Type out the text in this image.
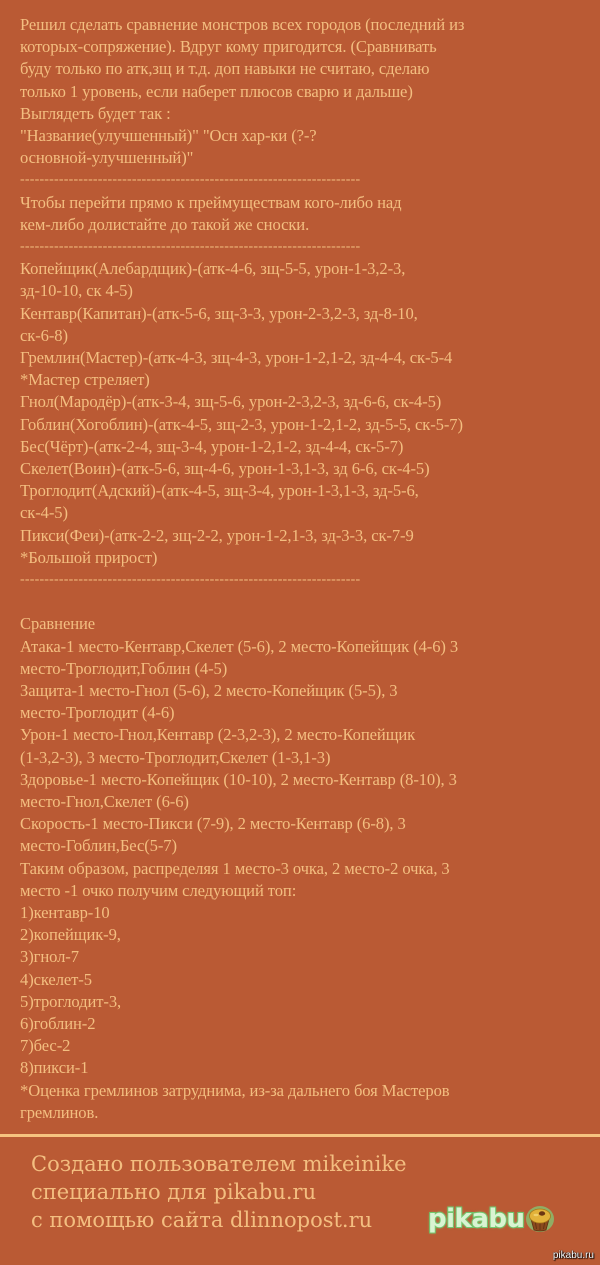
Решил сделать сравнение монстров всех городов (последний из
которых-сопряжение). Вдруг кому пригодится. (Сравнивать
буду только по атк,зщ и т.д. доп навыки не считаю, сделаю
только 1 уровень, если наберет плюсов сварю и дальше)
Выглядеть будет так :
"Название(улучшенный)" "Осн хар-ки (?-?
основной-улучшенный)"
----------------------------------------------------------------------
Чтобы перейти прямо к преймуществам кого-либо над
кем-либо долистайте до такой же сноски.
----------------------------------------------------------------------
Копейщик(Алебардщик)-(атк-4-6, зщ-5-5, урон-1-3,2-3,
зд-10-10, ск 4-5)
Кентавр(Капитан)-(атк-5-6, зщ-3-3, урон-2-3,2-3, зд-8-10,
ск-6-8)
Гремлин(Мастер)-(атк-4-3, зщ-4-3, урон-1-2,1-2, зд-4-4, ск-5-4
*Мастер стреляет)
Гнол(Мародёр)-(атк-3-4, зщ-5-6, урон-2-3,2-3, зд-6-6, ск-4-5)
Гоблин(Хогоблин)-(атк-4-5, зщ-2-3, урон-1-2,1-2, зд-5-5, ск-5-7)
Бес(Чёрт)-(атк-2-4, зщ-3-4, урон-1-2,1-2, зд-4-4, ск-5-7)
Скелет(Воин)-(атк-5-6, зщ-4-6, урон-1-3,1-3, зд 6-6, ск-4-5)
Троглодит(Адский)-(атк-4-5, зщ-3-4, урон-1-3,1-3, зд-5-6,
ск-4-5)
Пикси(Феи)-(атк-2-2, зщ-2-2, урон-1-2,1-3, зд-3-3, ск-7-9
*Большой прирост)
----------------------------------------------------------------------
Сравнение
Атака-1 место-Кентавр,Скелет (5-6), 2 место-Копейщик (4-6) 3
место-Троглодит,Гоблин (4-5)
Защита-1 место-Гнол (5-6), 2 место-Копейщик (5-5), 3
место-Троглодит (4-6)
Урон-1 место-Гнол,Кентавр (2-3,2-3), 2 место-Копейщик
(1-3,2-3), 3 место-Троглодит,Скелет (1-3,1-3)
Здоровье-1 место-Копейщик (10-10), 2 место-Кентавр (8-10), 3
место-Гнол,Скелет (6-6)
Скорость-1 место-Пикси (7-9), 2 место-Кентавр (6-8), 3
место-Гоблин,Бес(5-7)
Таким образом, распределяя 1 место-3 очка, 2 место-2 очка, 3
место -1 очко получим следующий топ:
1)кентавр-10
2)копейщик-9,
3)гнол-7
4)скелет-5
5)троглодит-3,
6)гоблин-2
7)бес-2
8)пикси-1
*Оценка гремлинов затруднима, из-за дальнего боя Мастеров
гремлинов.
Создано пользователем mikeinike
специально для pikabu.ru
с помощью сайта dlinnopost.ru	pikabu
pikabu.ru
